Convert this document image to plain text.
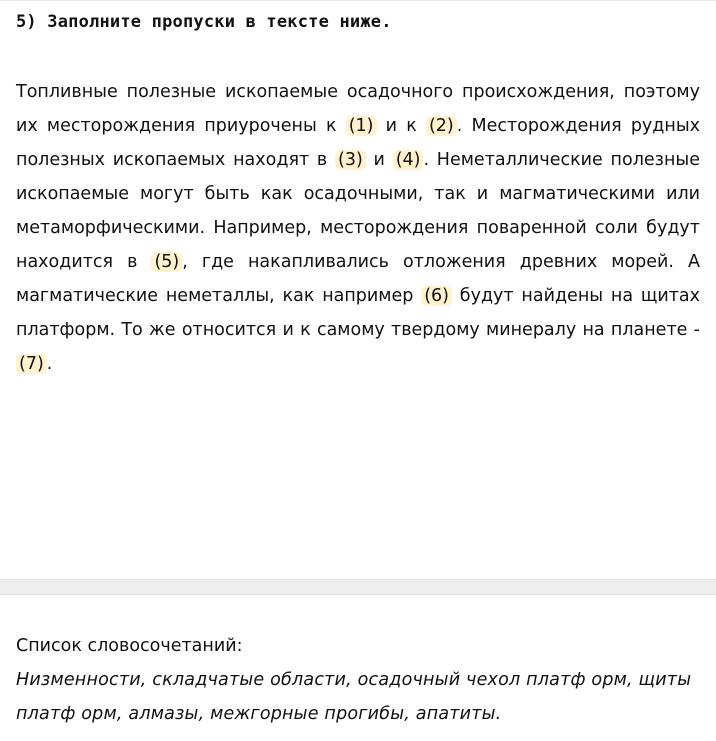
5) Заполните пропуски в тексте ниже.

Топливные полезные ископаемые осадочного происхождения, поэтому их месторождения приурочены к (1) и к (2) . Месторождения рудных полезных ископаемых находят в (3) и (4) . Неметаллические полезные ископаемые могут быть как осадочными, так и магматическими или метаморфическими. Например, месторождения поваренной соли будут находится в (5) , где накапливались отложения древних морей. А магматические неметаллы, как например (6) будут найдены на щитах платформ. То же относится и к самому твердому минералу на планете - (7) .

Список словосочетаний:

Низменности, складчатые области, осадочный чехол платф орм, щиты платф орм, алмазы, межгорные прогибы, апатиты.
